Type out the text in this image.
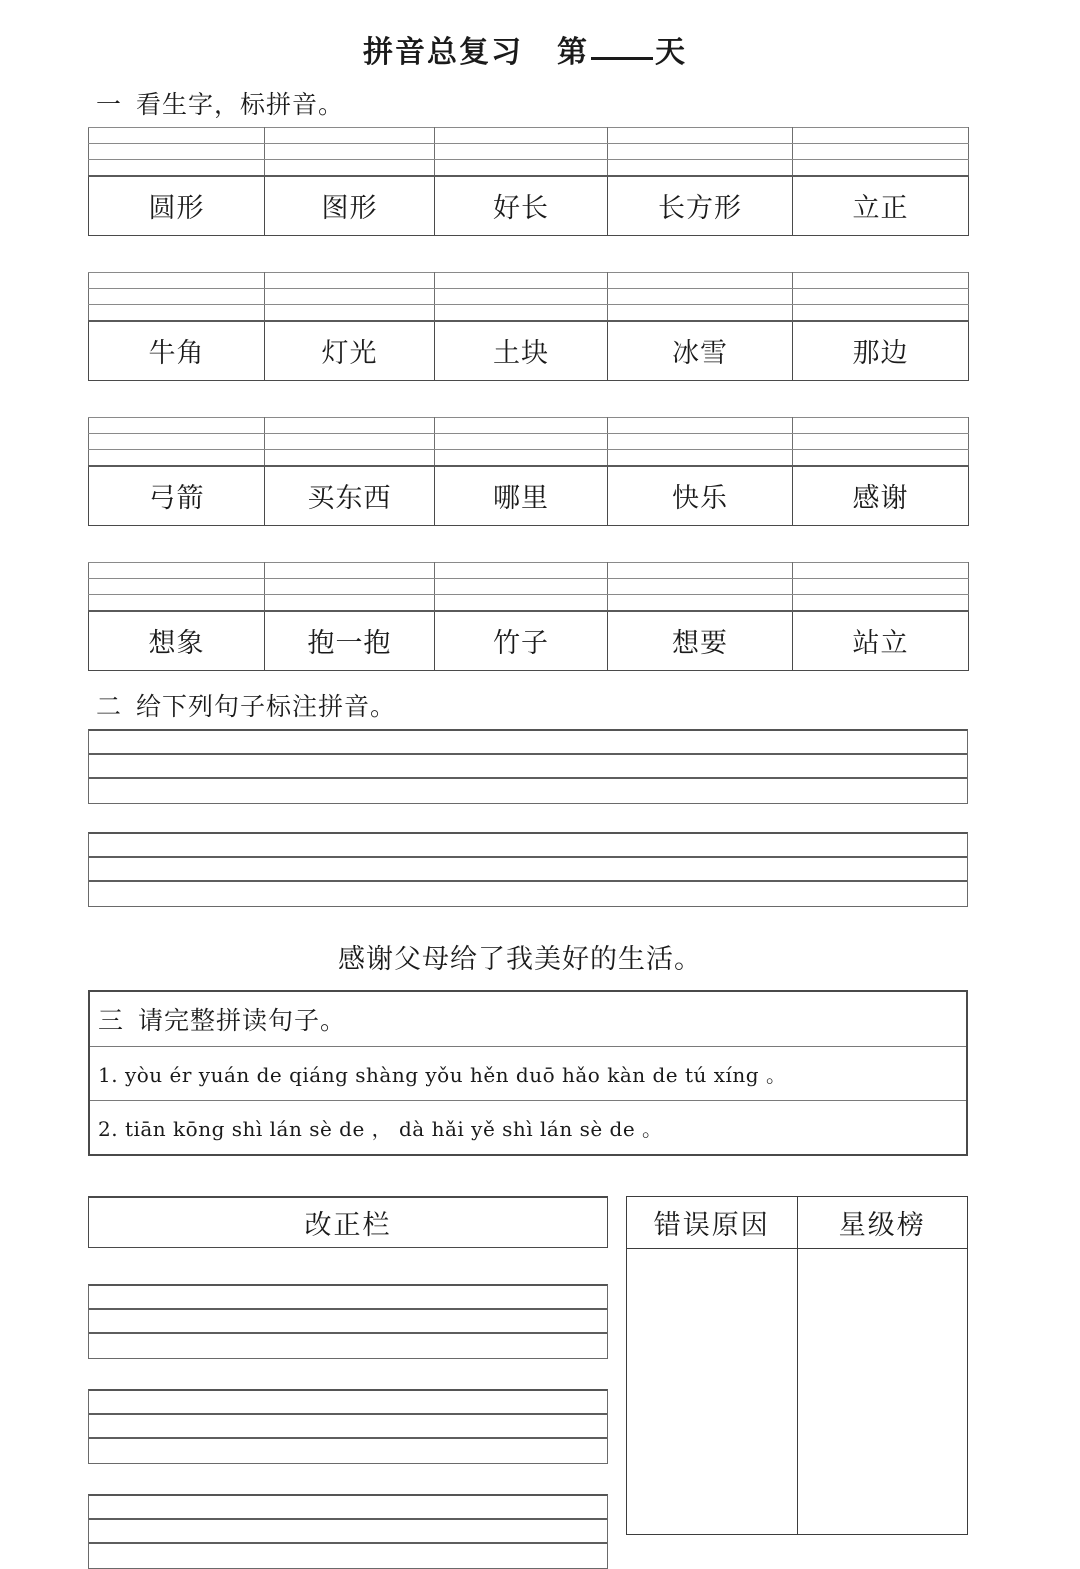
拼音总复习 第 天
一 看生字，标拼音。

圆形	图形	好长	长方形	立正

牛角	灯光	土块	冰雪	那边

弓箭	买东西	哪里	快乐	感谢

想象	抱一抱	竹子	想要	站立
二 给下列句子标注拼音。
感谢父母给了我美好的生活。
三 请完整拼读句子。
1. yòu ér yuán de qiáng shàng yǒu hěn duō hǎo kàn de tú xíng 。
2. tiān kōng shì lán sè de ， dà hǎi yě shì lán sè de 。
改正栏	错误原因	星级榜
